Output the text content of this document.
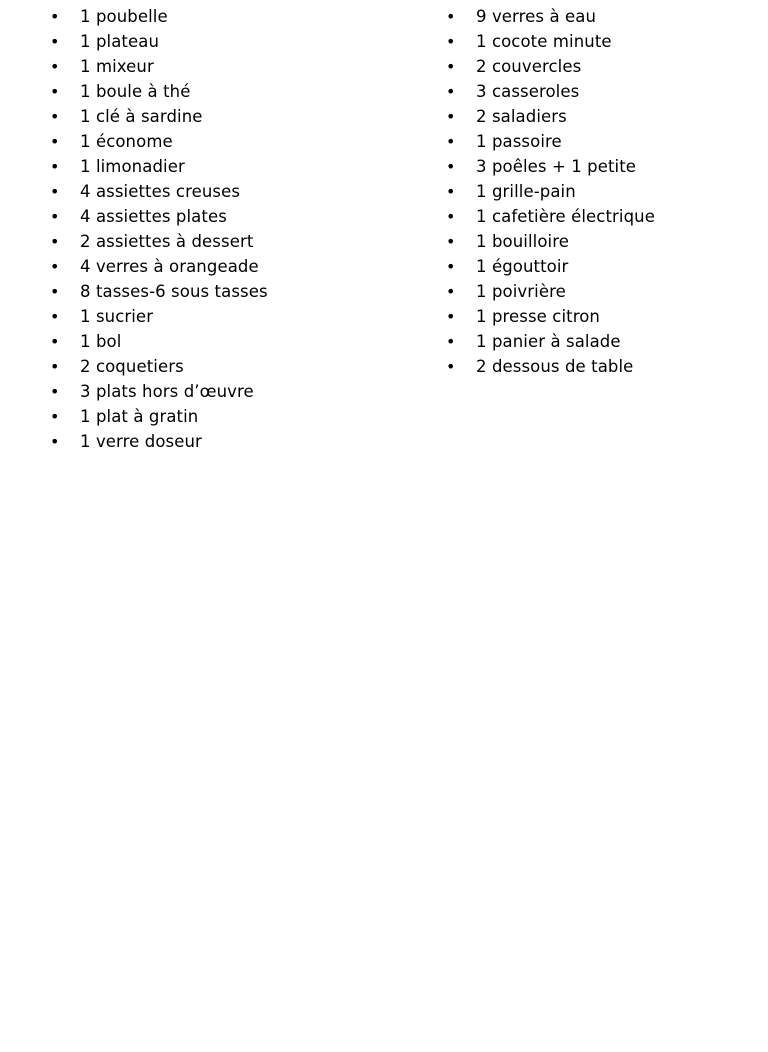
• 1 poubelle
• 1 plateau
• 1 mixeur
• 1 boule à thé
• 1 clé à sardine
• 1 économe
• 1 limonadier
• 4 assiettes creuses
• 4 assiettes plates
• 2 assiettes à dessert
• 4 verres à orangeade
• 8 tasses-6 sous tasses
• 1 sucrier
• 1 bol
• 2 coquetiers
• 3 plats hors d’œuvre
• 1 plat à gratin
• 1 verre doseur
• 9 verres à eau
• 1 cocote minute
• 2 couvercles
• 3 casseroles
• 2 saladiers
• 1 passoire
• 3 poêles + 1 petite
• 1 grille-pain
• 1 cafetière électrique
• 1 bouilloire
• 1 égouttoir
• 1 poivrière
• 1 presse citron
• 1 panier à salade
• 2 dessous de table
